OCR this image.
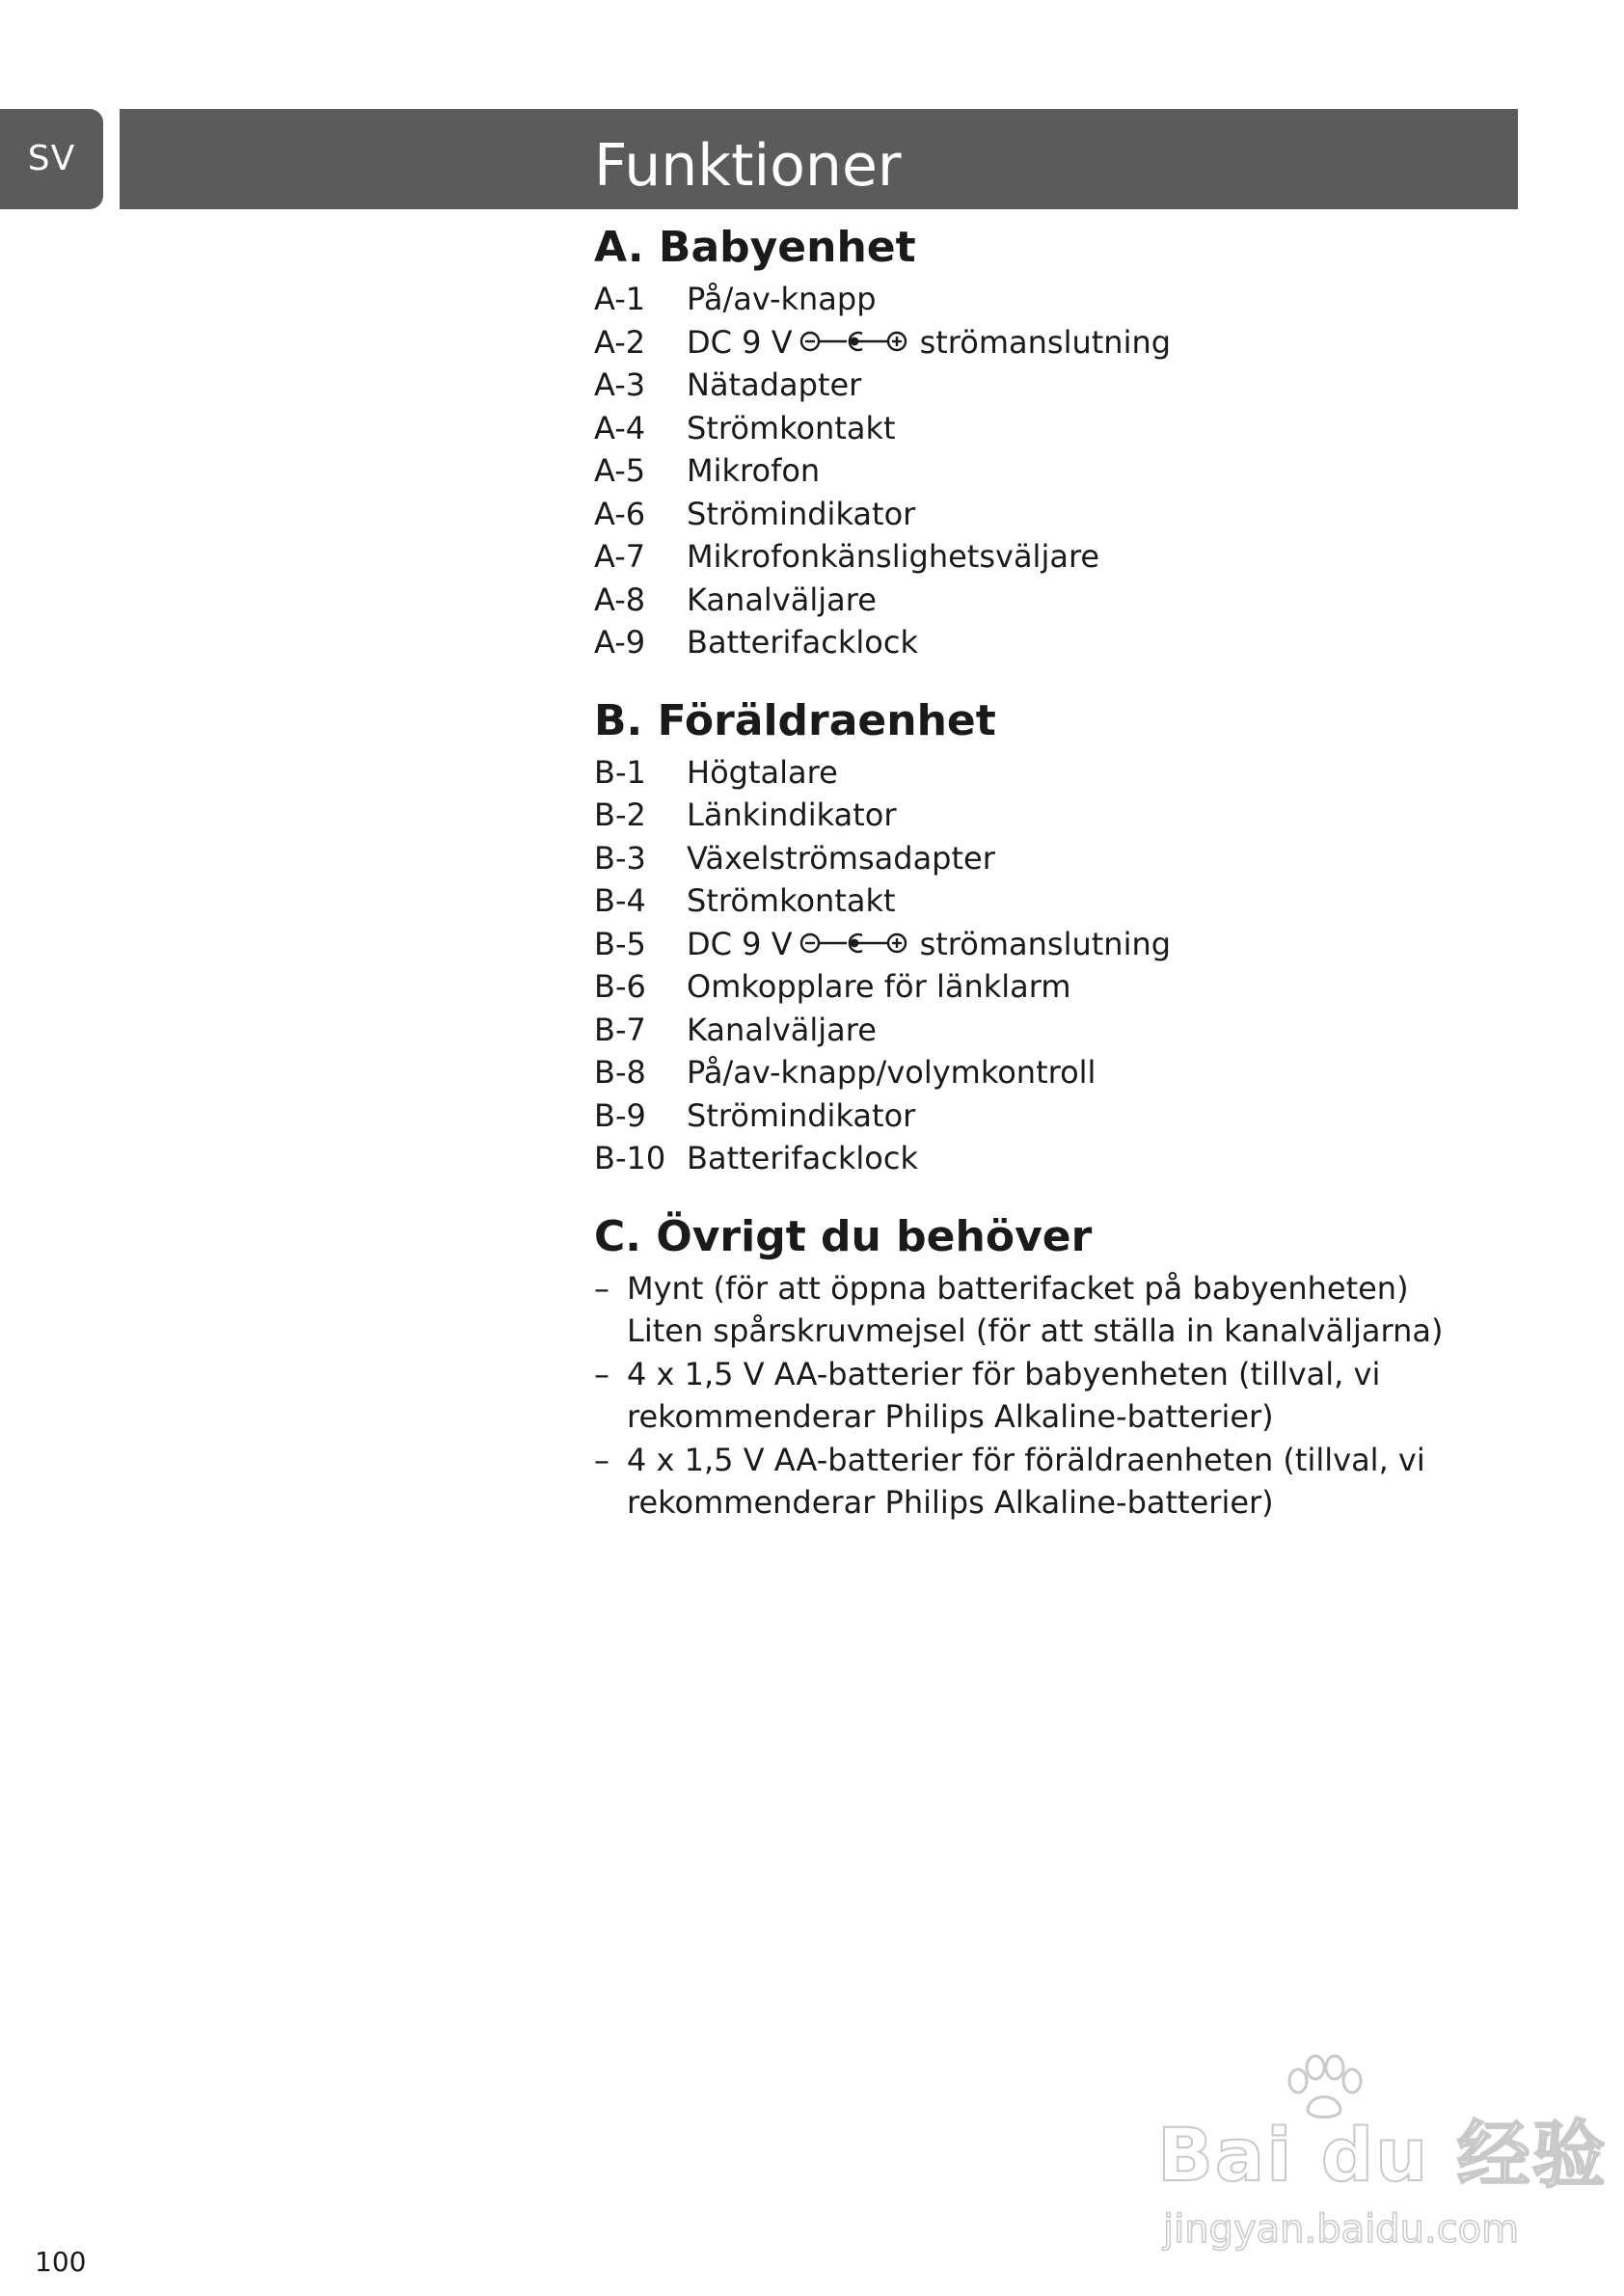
SV	Funktioner
A. Babyenhet
A-1	På/av-knapp
A-2	DC 9 V	strömanslutning
A-3	Nätadapter
A-4	Strömkontakt
A-5	Mikrofon
A-6	Strömindikator
A-7	Mikrofonkänslighetsväljare
A-8	Kanalväljare
A-9	Batterifacklock
B. Föräldraenhet
B-1	Högtalare
B-2	Länkindikator
B-3	Växelströmsadapter
B-4	Strömkontakt
B-5	DC 9 V	strömanslutning
B-6	Omkopplare för länklarm
B-7	Kanalväljare
B-8	På/av-knapp/volymkontroll
B-9	Strömindikator
B-10 Batterifacklock
C. Övrigt du behöver
– Mynt (för att öppna batterifacket på babyenheten)
Liten spårskruvmejsel (för att ställa in kanalväljarna)
– 4 x 1,5 V AA-batterier för babyenheten (tillval, vi
rekommenderar Philips Alkaline-batterier)
– 4 x 1,5 V AA-batterier för föräldraenheten (tillval, vi
rekommenderar Philips Alkaline-batterier)
100
Bai du 经验
jingyan.baidu.com
